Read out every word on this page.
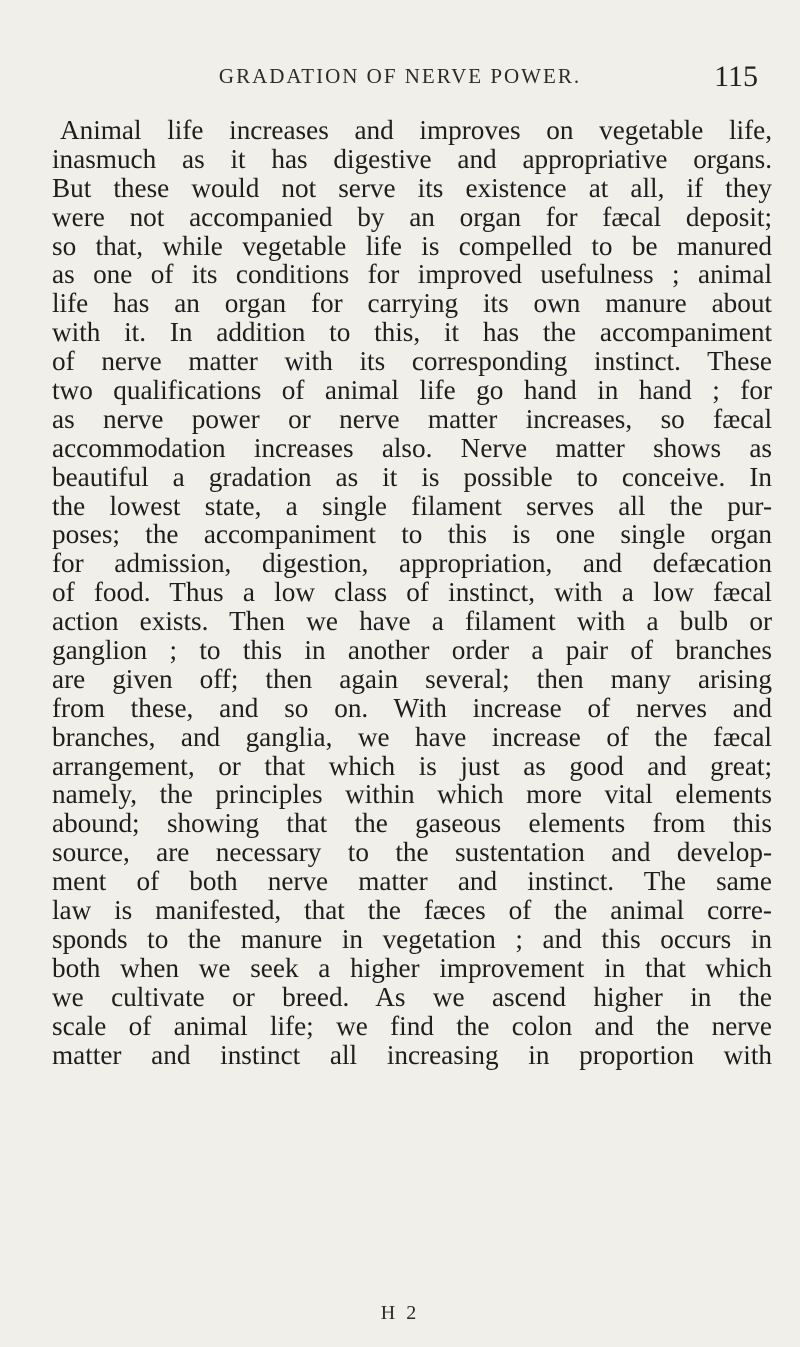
GRADATION OF NERVE POWER.	115
Animal life increases and improves on vegetable life,
inasmuch as it has digestive and appropriative organs.
But these would not serve its existence at all, if they
were not accompanied by an organ for fæcal deposit;
so that, while vegetable life is compelled to be manured
as one of its conditions for improved usefulness ; animal
life has an organ for carrying its own manure about
with it. In addition to this, it has the accompaniment
of nerve matter with its corresponding instinct. These
two qualifications of animal life go hand in hand ; for
as nerve power or nerve matter increases, so fæcal
accommodation increases also. Nerve matter shows as
beautiful a gradation as it is possible to conceive. In
the lowest state, a single filament serves all the pur-
poses; the accompaniment to this is one single organ
for admission, digestion, appropriation, and defæcation
of food. Thus a low class of instinct, with a low fæcal
action exists. Then we have a filament with a bulb or
ganglion ; to this in another order a pair of branches
are given off; then again several; then many arising
from these, and so on. With increase of nerves and
branches, and ganglia, we have increase of the fæcal
arrangement, or that which is just as good and great;
namely, the principles within which more vital elements
abound; showing that the gaseous elements from this
source, are necessary to the sustentation and develop-
ment of both nerve matter and instinct. The same
law is manifested, that the fæces of the animal corre-
sponds to the manure in vegetation ; and this occurs in
both when we seek a higher improvement in that which
we cultivate or breed. As we ascend higher in the
scale of animal life; we find the colon and the nerve
matter and instinct all increasing in proportion with
H 2
